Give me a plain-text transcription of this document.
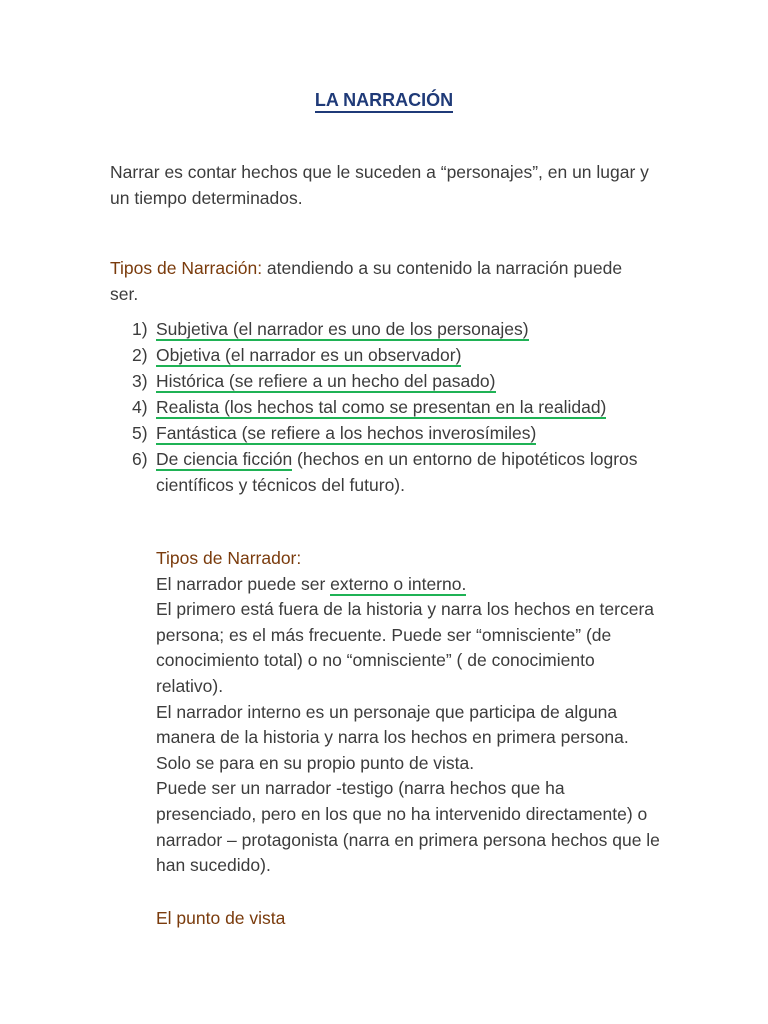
LA NARRACIÓN
Narrar es contar hechos que le suceden a “personajes”, en un lugar y un tiempo determinados.
Tipos de Narración: atendiendo a su contenido la narración puede ser.
1) Subjetiva (el narrador es uno de los personajes)
2) Objetiva (el narrador es un observador)
3) Histórica (se refiere a un hecho del pasado)
4) Realista (los hechos tal como se presentan en la realidad)
5) Fantástica (se refiere a los hechos inverosímiles)
6) De ciencia ficción (hechos en un entorno de hipotéticos logros científicos y técnicos del futuro).

Tipos de Narrador:

El narrador puede ser externo o interno.

El primero está fuera de la historia y narra los hechos en tercera persona; es el más frecuente. Puede ser “omnisciente” (de conocimiento total) o no “omnisciente” ( de conocimiento relativo).

El narrador interno es un personaje que participa de alguna manera de la historia y narra los hechos en primera persona. Solo se para en su propio punto de vista.

Puede ser un narrador -testigo (narra hechos que ha presenciado, pero en los que no ha intervenido directamente) o narrador – protagonista (narra en primera persona hechos que le han sucedido).

El punto de vista
